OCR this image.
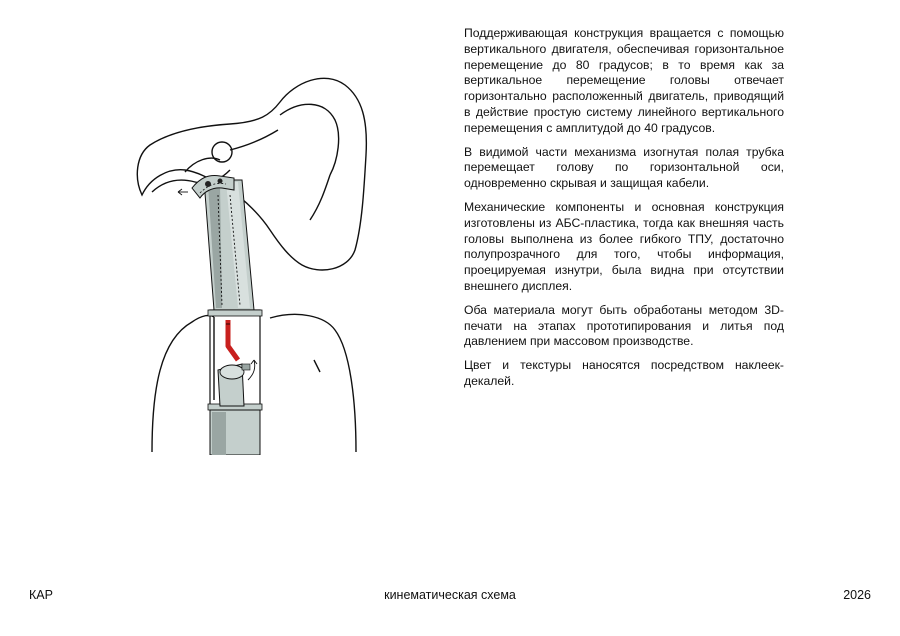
Поддерживающая конструкция вращается с помощью вертикального двигателя, обеспечивая горизонтальное перемещение до 80 градусов; в то время как за вертикальное перемещение головы отвечает горизонтально расположенный двигатель, приводящий в действие простую систему линейного вертикального перемещения с амплитудой до 40 градусов.

В видимой части механизма изогнутая полая трубка перемещает голову по горизонтальной оси, одновременно скрывая и защищая кабели.

Механические компоненты и основная конструкция изготовлены из АБС-пластика, тогда как внешняя часть головы выполнена из более гибкого ТПУ, достаточно полупрозрачного для того, чтобы информация, проецируемая изнутри, была видна при отсутствии внешнего дисплея.

Оба материала могут быть обработаны методом 3D-печати на этапах прототипирования и литья под давлением при массовом производстве.

Цвет и текстуры наносятся посредством наклеек-декалей.

КАР	кинематическая схема	2026
